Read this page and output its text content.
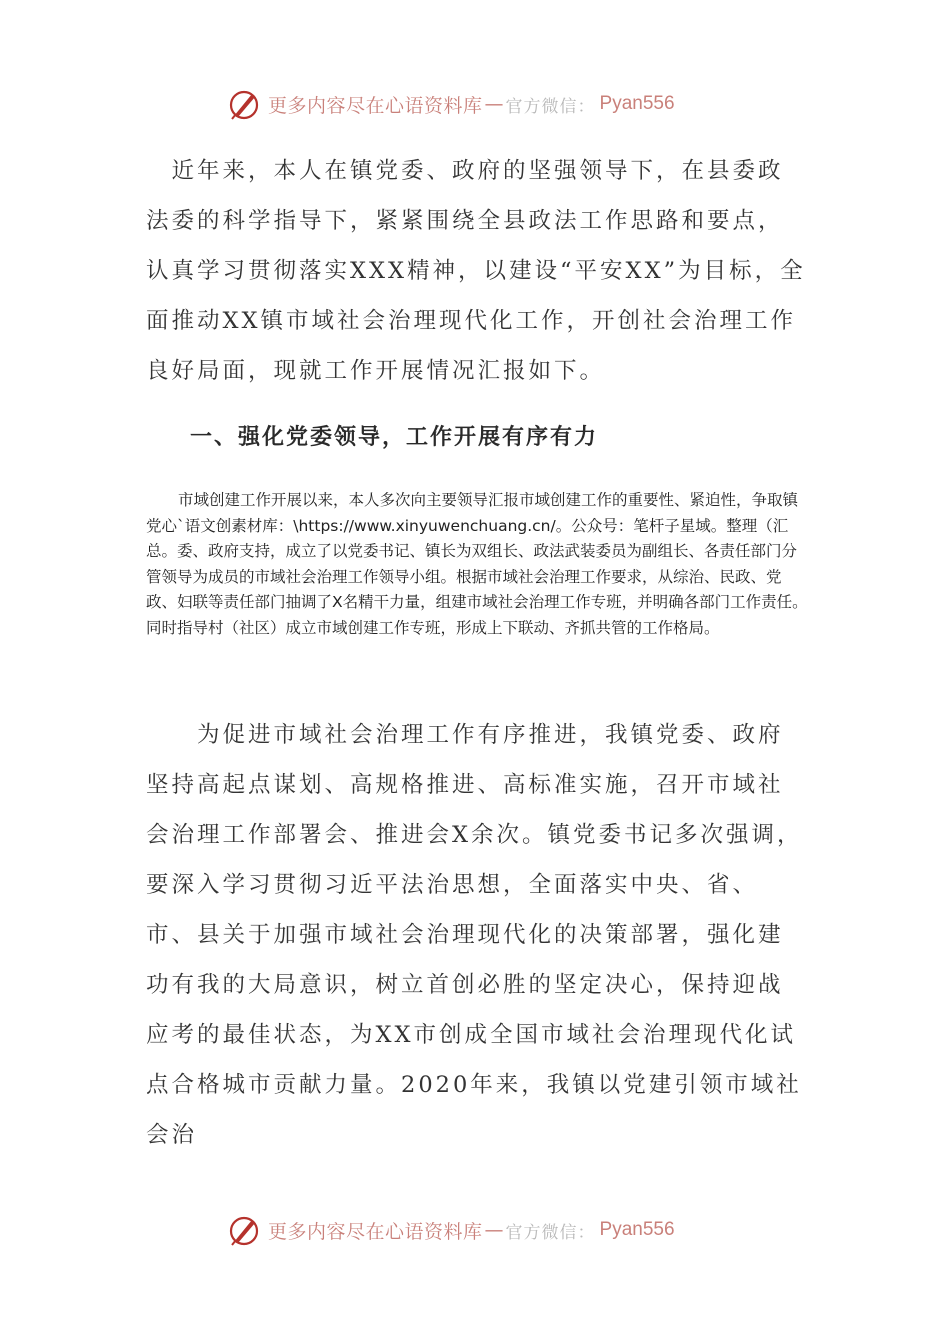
更多内容尽在心语资料库 — 官方微信： Pyan556

　近年来，本人在镇党委、政府的坚强领导下，在县委政法委的科学指导下，紧紧围绕全县政法工作思路和要点，认真学习贯彻落实XXX精神，以建设“平安XX”为目标，全面推动XX镇市域社会治理现代化工作，开创社会治理工作良好局面，现就工作开展情况汇报如下。

一、强化党委领导，工作开展有序有力

市域创建工作开展以来，本人多次向主要领导汇报市域创建工作的重要性、紧迫性，争取镇党心`语文创素材库：\https://www.xinyuwenchuang.cn/。公众号：笔杆子星域。整理（汇总。委、政府支持，成立了以党委书记、镇长为双组长、政法武装委员为副组长、各责任部门分管领导为成员的市域社会治理工作领导小组。根据市域社会治理工作要求，从综治、民政、党政、妇联等责任部门抽调了X名精干力量，组建市域社会治理工作专班，并明确各部门工作责任。同时指导村（社区）成立市域创建工作专班，形成上下联动、齐抓共管的工作格局。

　　为促进市域社会治理工作有序推进，我镇党委、政府坚持高起点谋划、高规格推进、高标准实施，召开市域社会治理工作部署会、推进会X余次。镇党委书记多次强调，要深入学习贯彻习近平法治思想，全面落实中央、省、市、县关于加强市域社会治理现代化的决策部署，强化建功有我的大局意识，树立首创必胜的坚定决心，保持迎战应考的最佳状态，为XX市创成全国市域社会治理现代化试点合格城市贡献力量。2020年来，我镇以党建引领市域社会治

更多内容尽在心语资料库 — 官方微信： Pyan556
